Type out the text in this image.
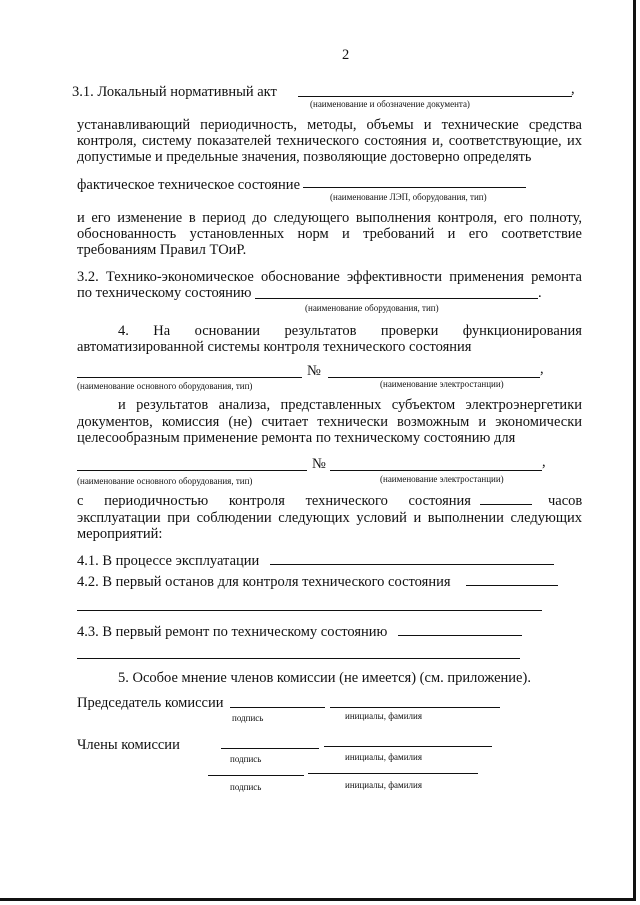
2
3.1. Локальный нормативный акт	,
(наименование и обозначение документа)
устанавливающий периодичность, методы, объемы и технические средства
контроля, систему показателей технического состояния и, соответствующие, их
допустимые и предельные значения, позволяющие достоверно определять
фактическое техническое состояние
(наименование ЛЭП, оборудования, тип)
и его изменение в период до следующего выполнения контроля, его полноту,
обоснованность установленных норм и требований и его соответствие
требованиям Правил ТОиР.
3.2. Технико-экономическое обоснование эффективности применения ремонта
по техническому состоянию	.
(наименование оборудования, тип)
4. На основании результатов проверки функционирования
автоматизированной системы контроля технического состояния
№	,
(наименование основного оборудования, тип)	(наименование электростанции)
и результатов анализа, представленных субъектом электроэнергетики
документов, комиссия (не) считает технически возможным и экономически
целесообразным применение ремонта по техническому состоянию для
№	,
(наименование основного оборудования, тип)	(наименование электростанции)
с периодичностью контроля технического состояния	часов
эксплуатации при соблюдении следующих условий и выполнении следующих
мероприятий:
4.1. В процессе эксплуатации
4.2. В первый останов для контроля технического состояния
4.3. В первый ремонт по техническому состоянию
5. Особое мнение членов комиссии (не имеется) (см. приложение).
Председатель комиссии
подпись	инициалы, фамилия
Члены комиссии
подпись	инициалы, фамилия
подпись	инициалы, фамилия
